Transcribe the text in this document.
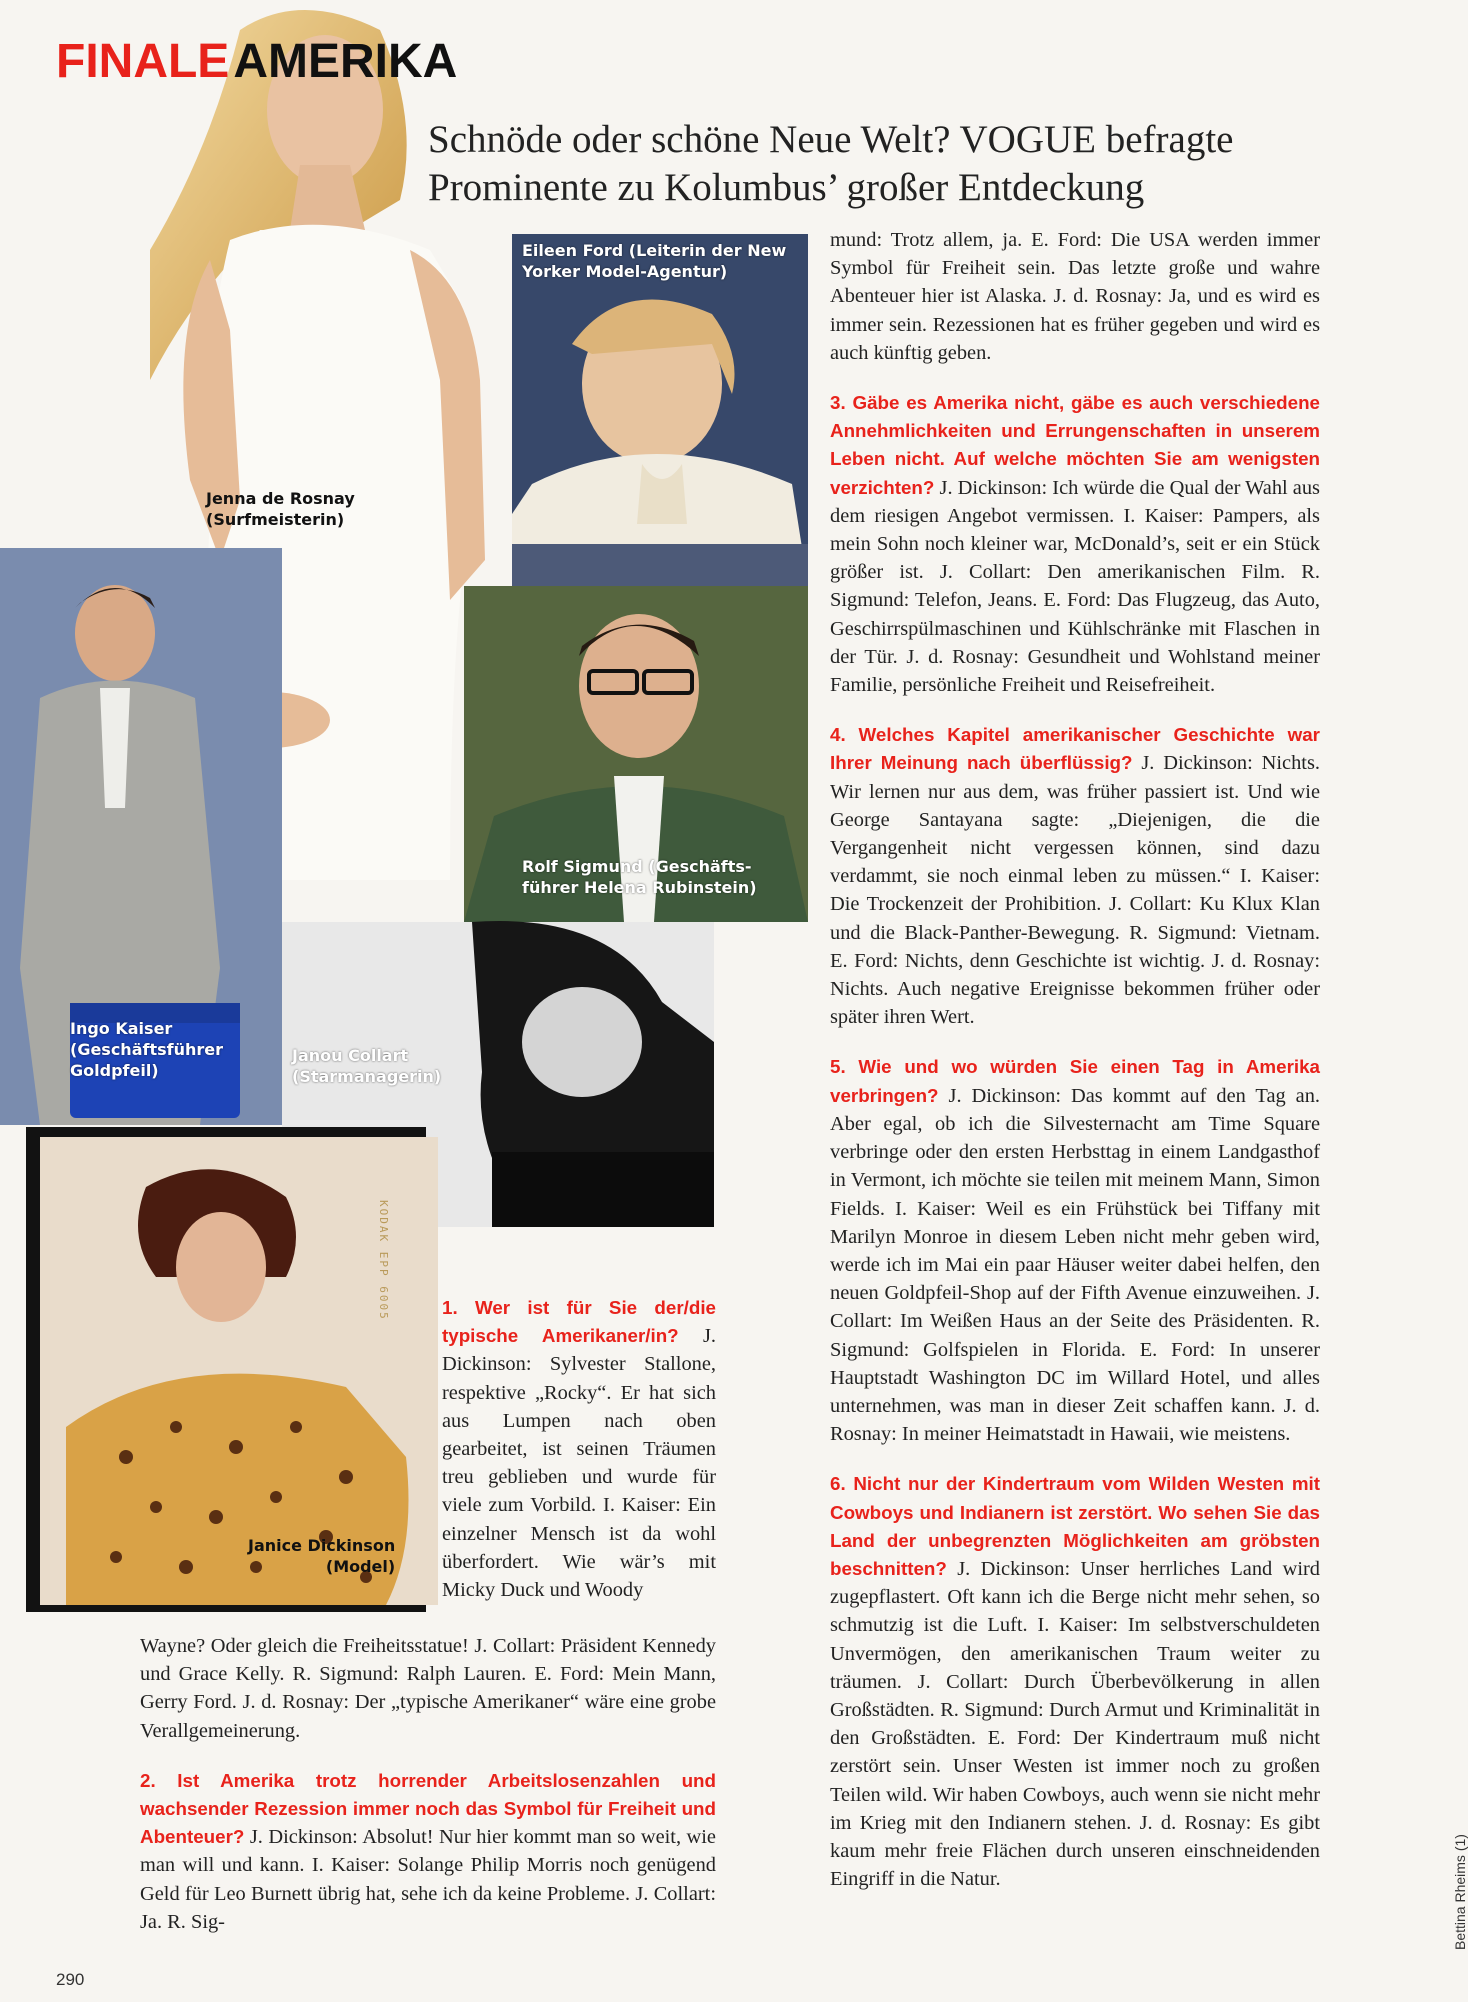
KODAK EPP 6005
FINALE AMERIKA
Schnöde oder schöne Neue Welt? VOGUE befragte
Prominente zu Kolumbus’ großer Entdeckung
Jenna de Rosnay
(Surfmeisterin)
Eileen Ford (Leiterin der New
Yorker Model-Agentur)
Rolf Sigmund (Geschäfts-
führer Helena Rubinstein)
Ingo Kaiser
(Geschäftsführer
Goldpfeil)
Janou Collart
(Starmanagerin)
Janice Dickinson
(Model)

1. Wer ist für Sie der/die typische Amerikaner/in? J. Dickinson: Sylvester Stallone, respektive „Rocky“. Er hat sich aus Lumpen nach oben gearbeitet, ist seinen Träumen treu geblieben und wurde für viele zum Vorbild. I. Kaiser: Ein einzelner Mensch ist da wohl überfordert. Wie wär’s mit Micky Duck und Woody

Wayne? Oder gleich die Freiheitsstatue! J. Collart: Präsident Kennedy und Grace Kelly. R. Sigmund: Ralph Lauren. E. Ford: Mein Mann, Gerry Ford. J. d. Rosnay: Der „typische Amerikaner“ wäre eine grobe Verallgemeinerung.

2. Ist Amerika trotz horrender Arbeitslosenzahlen und wachsender Rezession immer noch das Symbol für Freiheit und Abenteuer? J. Dickinson: Absolut! Nur hier kommt man so weit, wie man will und kann. I. Kaiser: Solange Philip Morris noch genügend Geld für Leo Burnett übrig hat, sehe ich da keine Probleme. J. Collart: Ja. R. Sig-

mund: Trotz allem, ja. E. Ford: Die USA werden immer Symbol für Freiheit sein. Das letzte große und wahre Abenteuer hier ist Alaska. J. d. Rosnay: Ja, und es wird es immer sein. Rezessionen hat es früher gegeben und wird es auch künftig geben.

3. Gäbe es Amerika nicht, gäbe es auch verschiedene Annehmlichkeiten und Errungenschaften in unserem Leben nicht. Auf welche möchten Sie am wenigsten verzichten? J. Dickinson: Ich würde die Qual der Wahl aus dem riesigen Angebot vermissen. I. Kaiser: Pampers, als mein Sohn noch kleiner war, McDonald’s, seit er ein Stück größer ist. J. Collart: Den amerikanischen Film. R. Sigmund: Telefon, Jeans. E. Ford: Das Flugzeug, das Auto, Geschirrspülmaschinen und Kühlschränke mit Flaschen in der Tür. J. d. Rosnay: Gesundheit und Wohlstand meiner Familie, persönliche Freiheit und Reisefreiheit.

4. Welches Kapitel amerikanischer Geschichte war Ihrer Meinung nach überflüssig? J. Dickinson: Nichts. Wir lernen nur aus dem, was früher passiert ist. Und wie George Santayana sagte: „Diejenigen, die die Vergangenheit nicht vergessen können, sind dazu verdammt, sie noch einmal leben zu müssen.“ I. Kaiser: Die Trockenzeit der Prohibition. J. Collart: Ku Klux Klan und die Black-Panther-Bewegung. R. Sigmund: Vietnam. E. Ford: Nichts, denn Geschichte ist wichtig. J. d. Rosnay: Nichts. Auch negative Ereignisse bekommen früher oder später ihren Wert.

5. Wie und wo würden Sie einen Tag in Amerika verbringen? J. Dickinson: Das kommt auf den Tag an. Aber egal, ob ich die Silvesternacht am Time Square verbringe oder den ersten Herbsttag in einem Landgasthof in Vermont, ich möchte sie teilen mit meinem Mann, Simon Fields. I. Kaiser: Weil es ein Frühstück bei Tiffany mit Marilyn Monroe in diesem Leben nicht mehr geben wird, werde ich im Mai ein paar Häuser weiter dabei helfen, den neuen Goldpfeil-Shop auf der Fifth Avenue einzuweihen. J. Collart: Im Weißen Haus an der Seite des Präsidenten. R. Sigmund: Golfspielen in Florida. E. Ford: In unserer Hauptstadt Washington DC im Willard Hotel, und alles unternehmen, was man in dieser Zeit schaffen kann. J. d. Rosnay: In meiner Heimatstadt in Hawaii, wie meistens.

6. Nicht nur der Kindertraum vom Wilden Westen mit Cowboys und Indianern ist zerstört. Wo sehen Sie das Land der unbegrenzten Möglichkeiten am gröbsten beschnitten? J. Dickinson: Unser herrliches Land wird zugepflastert. Oft kann ich die Berge nicht mehr sehen, so schmutzig ist die Luft. I. Kaiser: Im selbstverschuldeten Unvermögen, den amerikanischen Traum weiter zu träumen. J. Collart: Durch Überbevölkerung in allen Großstädten. R. Sigmund: Durch Armut und Kriminalität in den Großstädten. E. Ford: Der Kindertraum muß nicht zerstört sein. Unser Westen ist immer noch zu großen Teilen wild. Wir haben Cowboys, auch wenn sie nicht mehr im Krieg mit den Indianern stehen. J. d. Rosnay: Es gibt kaum mehr freie Flächen durch unseren einschneidenden Eingriff in die Natur.

290
Bettina Rheims (1)
